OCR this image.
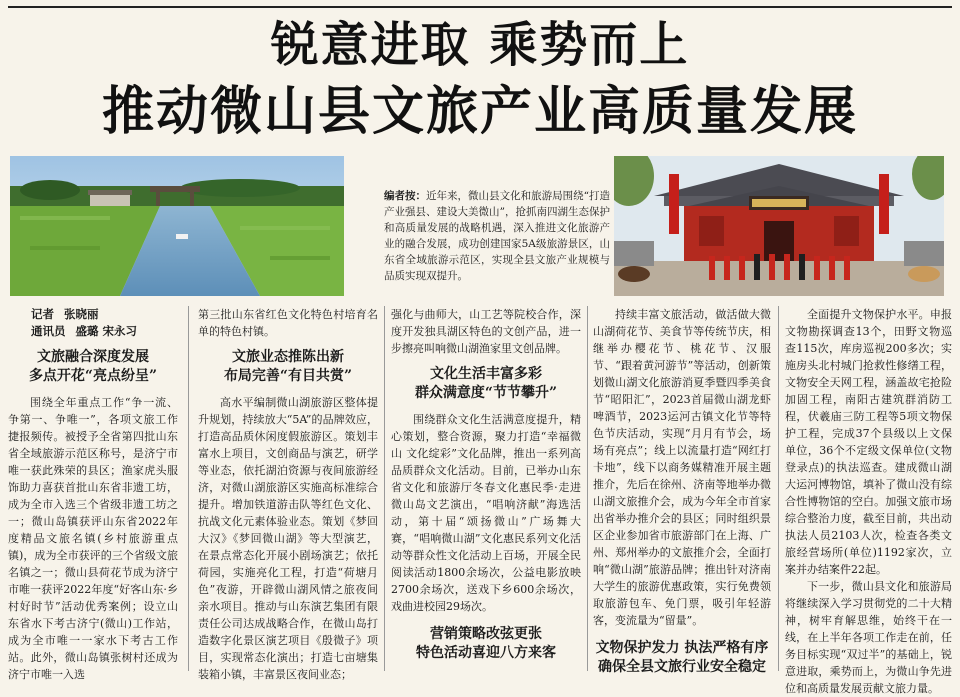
锐意进取 乘势而上
推动微山县文旅产业高质量发展
编者按：近年来，微山县文化和旅游局围绕“打造产业强县、建设大美微山”，抢抓南四湖生态保护和高质量发展的战略机遇，深入推进文化旅游产业的融合发展，成功创建国家5A级旅游景区，山东省全域旅游示范区，实现全县文旅产业规模与品质实现双提升。

记者 张晓丽

通讯员 盛璐 宋永习

文旅融合深度发展
多点开花“亮点纷呈”

围绕全年重点工作“争一流、争第一、争唯一”，各项文旅工作捷报频传。被授予全省第四批山东省全域旅游示范区称号，是济宁市唯一获此殊荣的县区；渔家虎头服饰助力喜获首批山东省非遗工坊，成为全市入选三个省级非遗工坊之一；微山岛镇获评山东省2022年度精品文旅名镇(乡村旅游重点镇)，成为全市获评的三个省级文旅名镇之一；微山县荷花节成为济宁市唯一获评2022年度“好客山东·乡村好时节”活动优秀案例；设立山东省水下考古济宁(微山)工作站，成为全市唯一一家水下考古工作站。此外，微山岛镇张树村还成为济宁市唯一入选

第三批山东省红色文化特色村培育名单的特色村镇。

文旅业态推陈出新
布局完善“有目共赏”

高水平编制微山湖旅游区整体提升规划，持续放大“5A”的品牌效应，打造高品质休闲度假旅游区。策划丰富水上项目，文创商品与演艺，研学等业态，依托湖泊资源与夜间旅游经济，对微山湖旅游区实施高标准综合提升。增加铁道游击队等红色文化、抗战文化元素体验业态。策划《梦回大汉》《梦回微山湖》等大型演艺，在景点常态化开展小剧场演艺；依托荷园，实施亮化工程，打造“荷塘月色”夜游，开辟微山湖风情之旅夜间亲水项目。推动与山东演艺集团有限责任公司达成战略合作，在微山岛打造数字化景区演艺项目《殷微子》项目，实现常态化演出；打造七亩塘集装箱小镇，丰富景区夜间业态；

强化与曲师大，山工艺等院校合作，深度开发独具湖区特色的文创产品，进一步擦亮叫响微山湖渔家里文创品牌。

文化生活丰富多彩
群众满意度“节节攀升”

围绕群众文化生活满意度提升，精心策划，整合资源，聚力打造“幸福微山 文化绽彩”文化品牌，推出一系列高品质群众文化活动。目前，已举办山东省文化和旅游厅冬春文化惠民季·走进微山岛文艺演出，“唱响济献”海选活动，第十届“颂扬微山”广场舞大赛，“唱响微山湖”文化惠民系列文化活动等群众性文化活动上百场，开展全民阅读活动1800余场次，公益电影放映2700余场次，送戏下乡600余场次，戏曲进校园29场次。

营销策略改弦更张
特色活动喜迎八方来客

持续丰富文旅活动，做活做大微山湖荷花节、美食节等传统节庆，相继举办樱花节、桃花节、汉服节、“跟着黄河游节”等活动，创新策划微山湖文化旅游消夏季暨四季美食节“昭阳汇”，2023首届微山湖龙虾啤酒节，2023运河古镇文化节等特色节庆活动，实现“月月有节会，场场有亮点”；线上以流量打造“网红打卡地”，线下以商务媒精准开展主题推介，先后在徐州、济南等地举办微山湖文旅推介会，成为今年全市首家出省举办推介会的县区；同时组织景区企业参加省市旅游部门在上海、广州、郑州举办的文旅推介会，全面打响“微山湖”旅游品牌；推出针对济南大学生的旅游优惠政策，实行免费领取旅游包车、免门票，吸引年轻游客，变流量为“留量”。

文物保护发力 执法严格有序
确保全县文旅行业安全稳定

全面提升文物保护水平。申报文物勘探调查13个，田野文物巡查115次，库房巡视200多次；实施房头北村城门抢救性修缮工程，文物安全天网工程，涵盖故宅抢险加固工程，南阳古建筑群消防工程，伏羲庙三防工程等5项文物保护工程，完成37个县级以上文保单位，36个不定级文保单位(文物登录点)的执法巡查。建成微山湖大运河博物馆，填补了微山没有综合性博物馆的空白。加强文旅市场综合整治力度，截至目前，共出动执法人员2103人次，检查各类文旅经营场所(单位)1192家次，立案并办结案件22起。

下一步，微山县文化和旅游局将继续深入学习贯彻党的二十大精神，树牢育解思维，始终干在一线，在上半年各项工作走在前，任务目标实现“双过半”的基础上，锐意进取，乘势而上，为微山争先进位和高质量发展贡献文旅力量。
